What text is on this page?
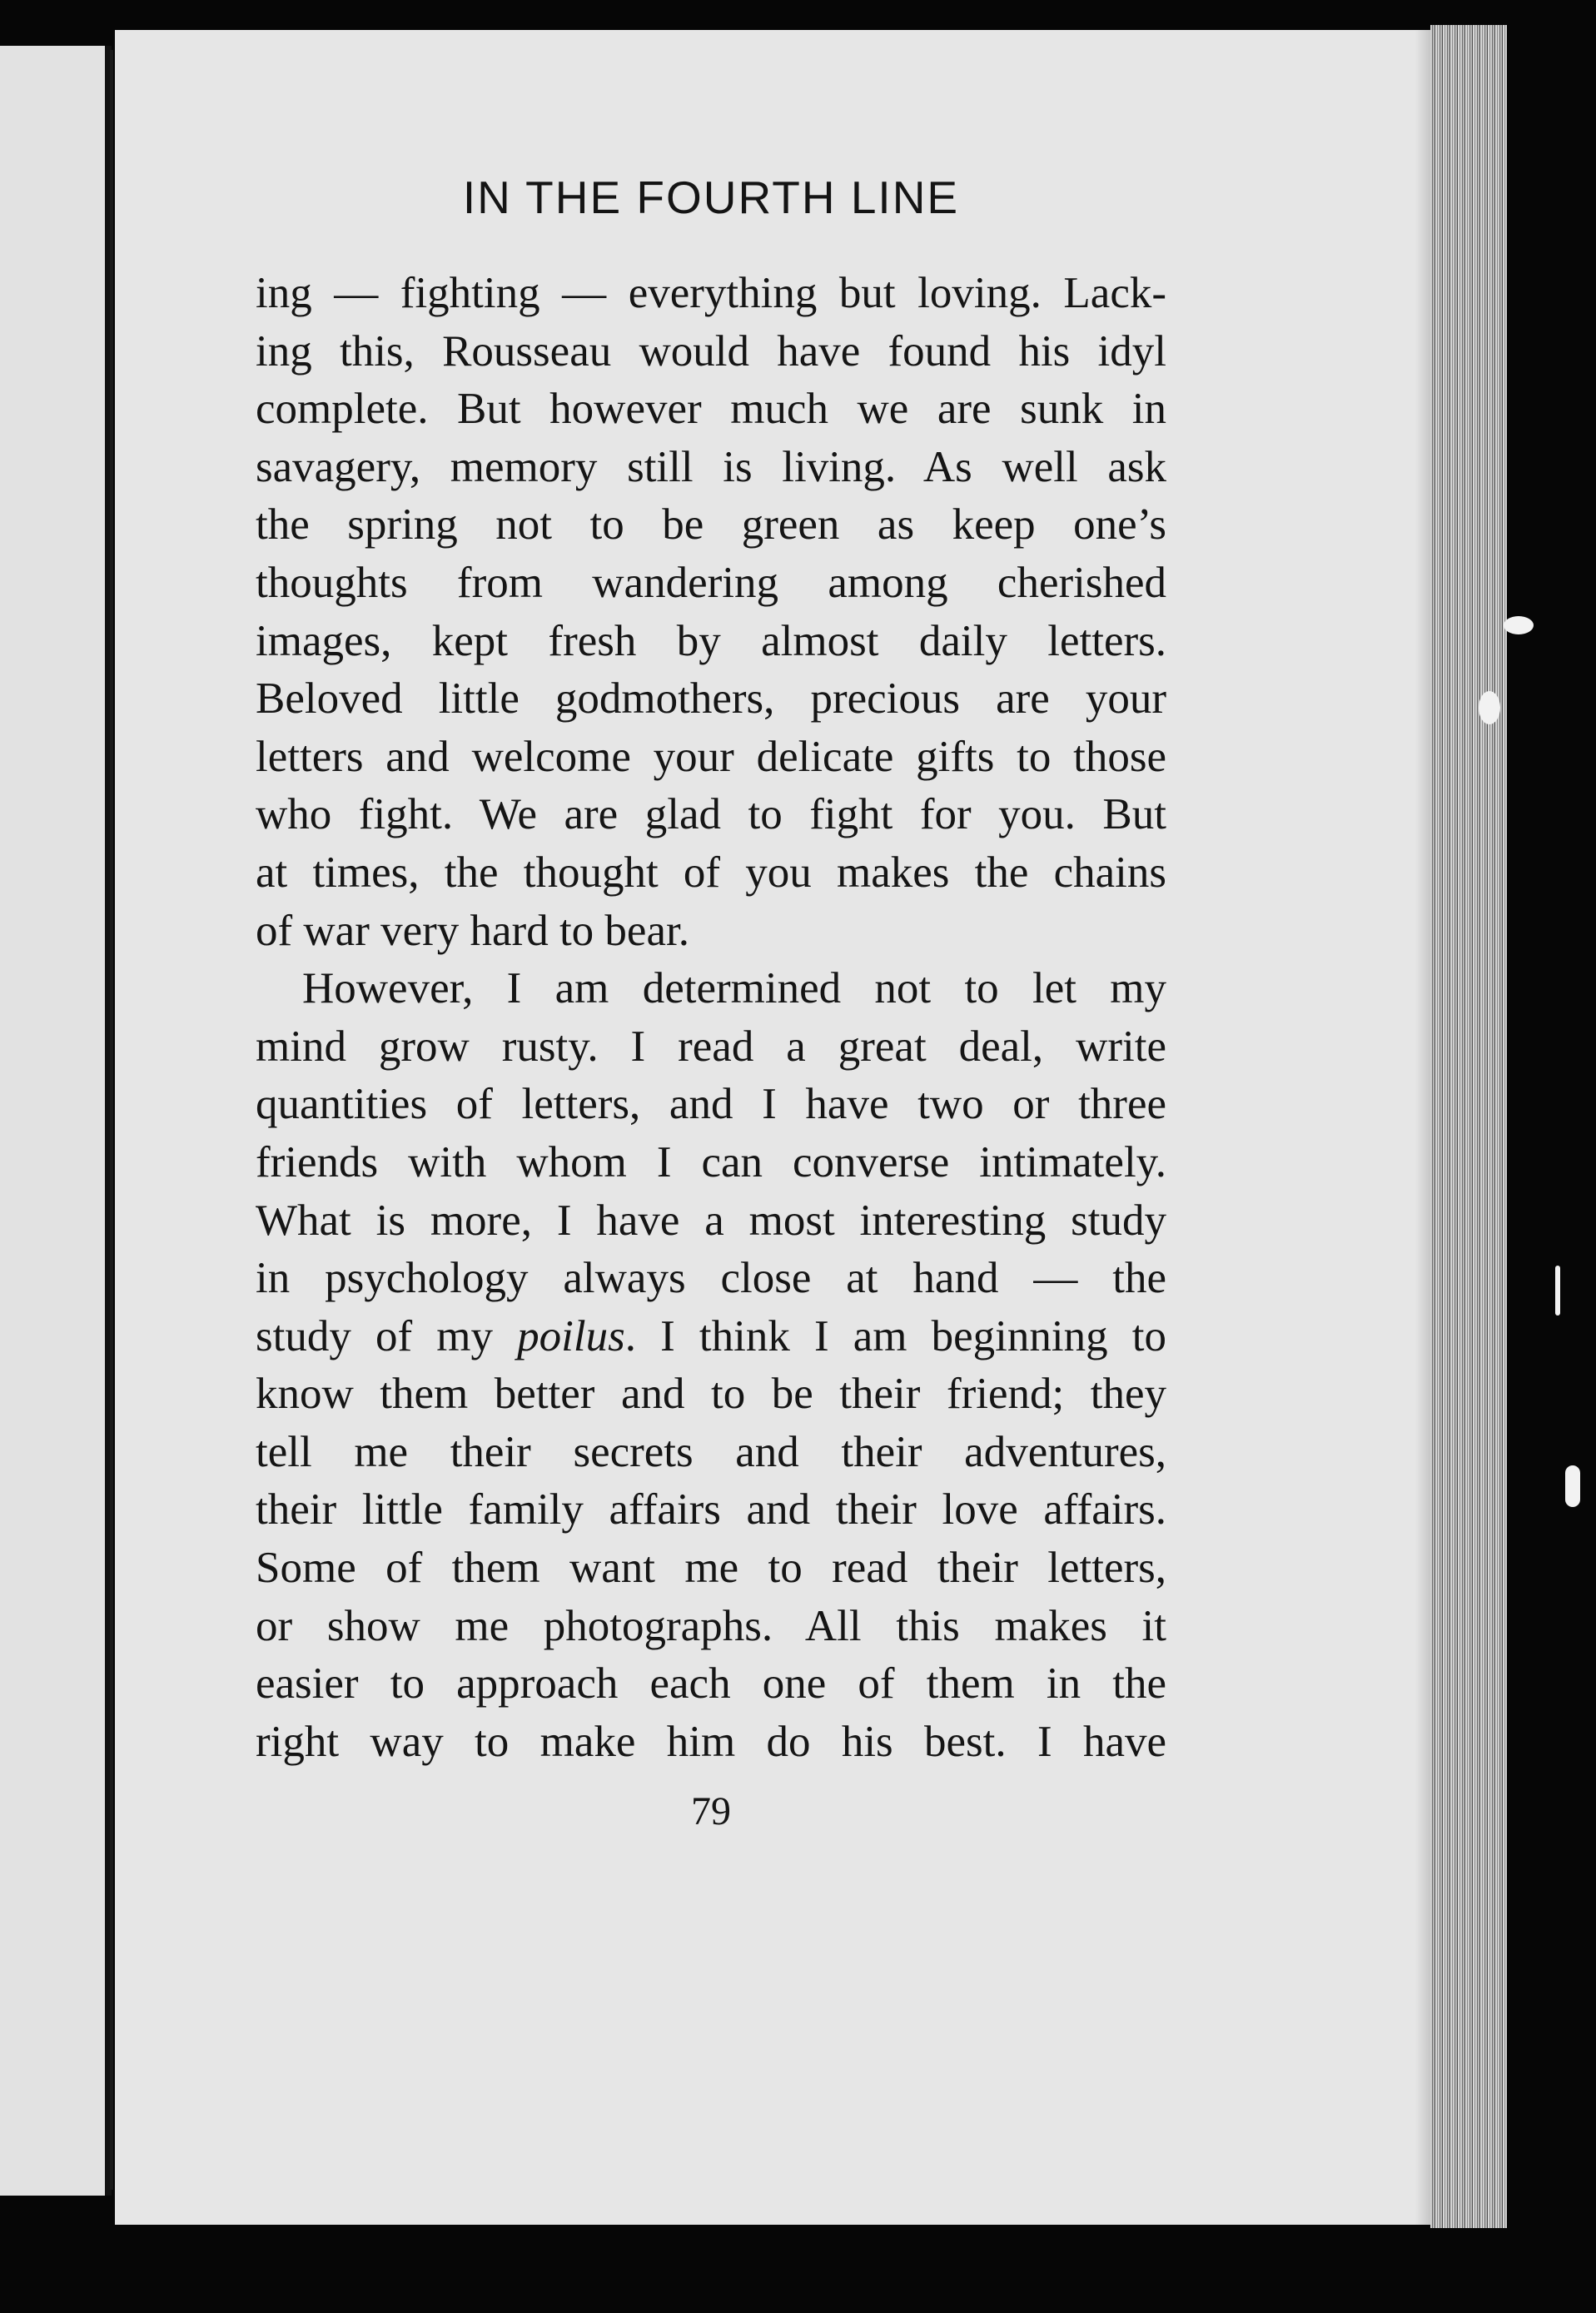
IN THE FOURTH LINE

ing — fighting — everything but loving. Lack-
ing this, Rousseau would have found his idyl
complete. But however much we are sunk in
savagery, memory still is living. As well ask
the spring not to be green as keep one’s
thoughts from wandering among cherished
images, kept fresh by almost daily letters.
Beloved little godmothers, precious are your
letters and welcome your delicate gifts to those
who fight. We are glad to fight for you. But
at times, the thought of you makes the chains
of war very hard to bear.

However, I am determined not to let my
mind grow rusty. I read a great deal, write
quantities of letters, and I have two or three
friends with whom I can converse intimately.
What is more, I have a most interesting study
in psychology always close at hand — the
study of my poilus. I think I am beginning to
know them better and to be their friend; they
tell me their secrets and their adventures,
their little family affairs and their love affairs.
Some of them want me to read their letters,
or show me photographs. All this makes it
easier to approach each one of them in the
right way to make him do his best. I have

79
